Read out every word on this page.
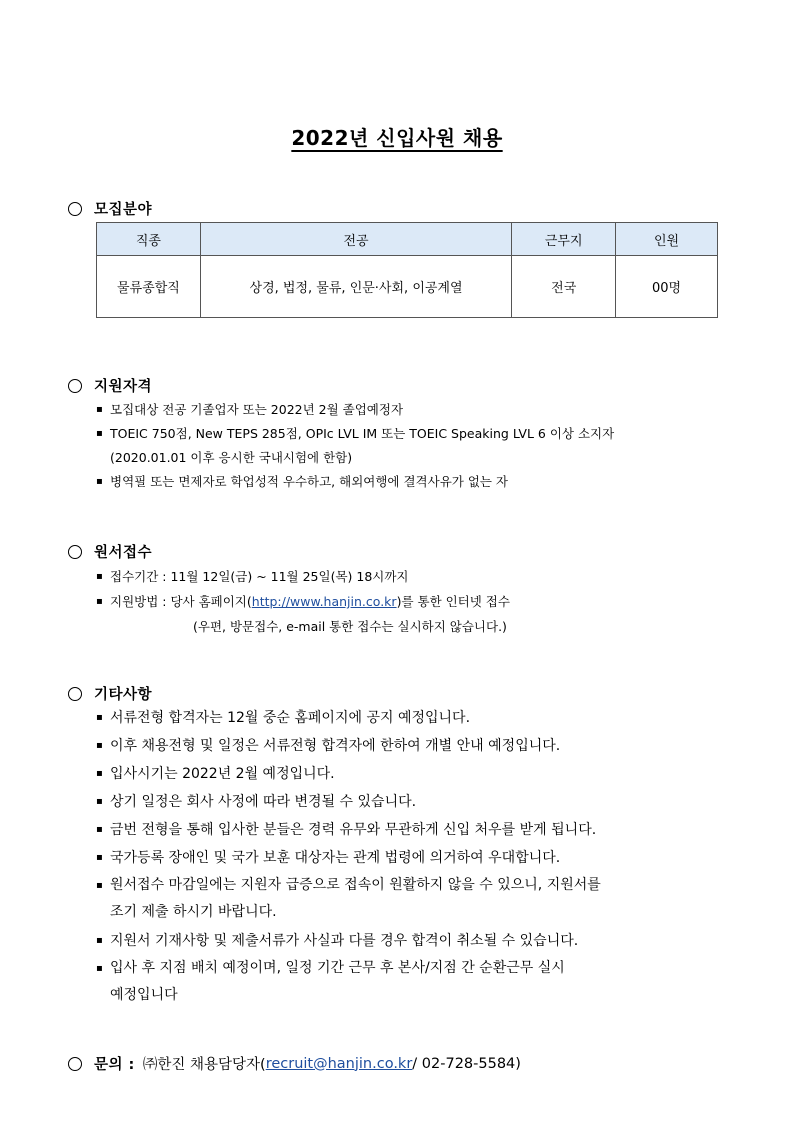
2022년 신입사원 채용
모집분야
직종	전공	근무지	인원
물류종합직	상경, 법정, 물류, 인문·사회, 이공계열	전국	00명
지원자격
▪ 모집대상 전공 기졸업자 또는 2022년 2월 졸업예정자
▪ TOEIC 750점, New TEPS 285점, OPIc LVL IM 또는 TOEIC Speaking LVL 6 이상 소지자
(2020.01.01 이후 응시한 국내시험에 한함)
▪ 병역필 또는 면제자로 학업성적 우수하고, 해외여행에 결격사유가 없는 자
원서접수
▪ 접수기간 : 11월 12일(금) ~ 11월 25일(목) 18시까지
▪ 지원방법 : 당사 홈페이지(http://www.hanjin.co.kr)를 통한 인터넷 접수
(우편, 방문접수, e-mail 통한 접수는 실시하지 않습니다.)
기타사항
▪ 서류전형 합격자는 12월 중순 홈페이지에 공지 예정입니다.
▪ 이후 채용전형 및 일정은 서류전형 합격자에 한하여 개별 안내 예정입니다.
▪ 입사시기는 2022년 2월 예정입니다.
▪ 상기 일정은 회사 사정에 따라 변경될 수 있습니다.
▪ 금번 전형을 통해 입사한 분들은 경력 유무와 무관하게 신입 처우를 받게 됩니다.
▪ 국가등록 장애인 및 국가 보훈 대상자는 관계 법령에 의거하여 우대합니다.
▪ 원서접수 마감일에는 지원자 급증으로 접속이 원활하지 않을 수 있으니, 지원서를
조기 제출 하시기 바랍니다.
▪ 지원서 기재사항 및 제출서류가 사실과 다를 경우 합격이 취소될 수 있습니다.
▪ 입사 후 지점 배치 예정이며, 일정 기간 근무 후 본사/지점 간 순환근무 실시
예정입니다
문의 : ㈜한진 채용담당자( recruit@hanjin.co.kr / 02-728-5584)
